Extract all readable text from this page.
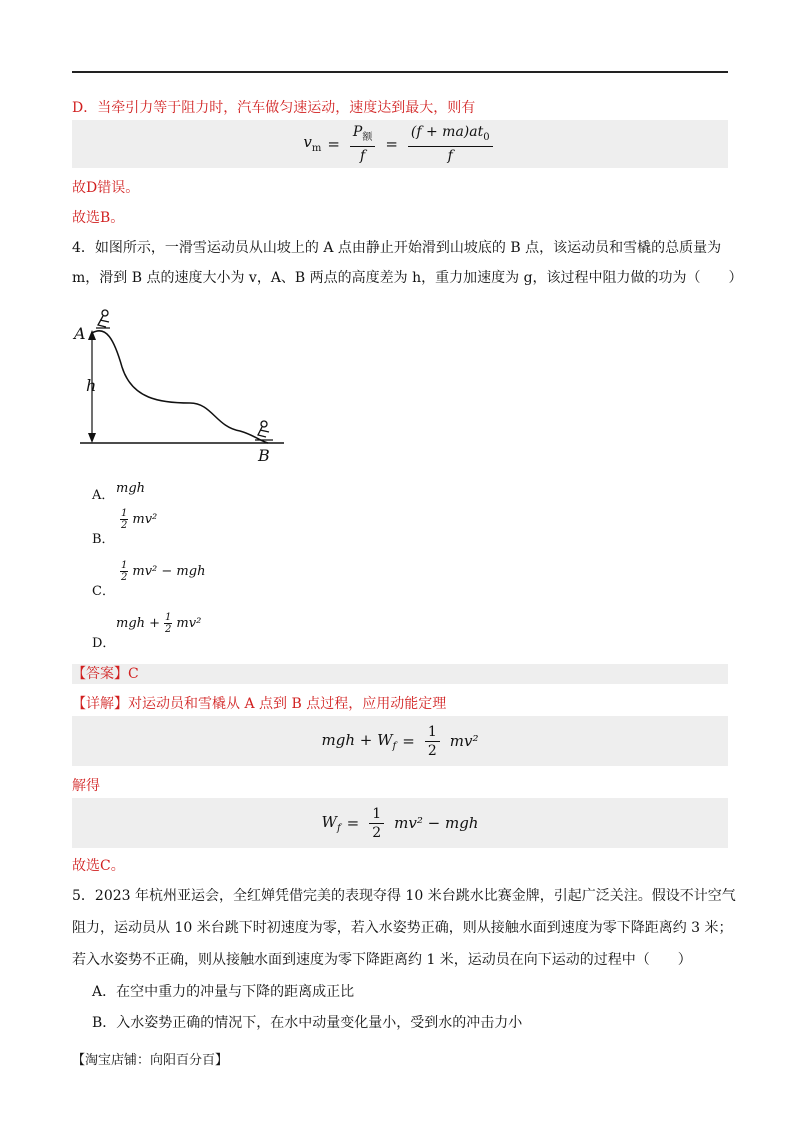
D．当牵引力等于阻力时，汽车做匀速运动，速度达到最大，则有
$v_m = \frac{P_额}{f} = \frac{(f + ma)at_0}{f}$
故D错误。
故选B。
4．如图所示，一滑雪运动员从山坡上的 A 点由静止开始滑到山坡底的 B 点，该运动员和雪橇的总质量为
m，滑到 B 点的速度大小为 v，A、B 两点的高度差为 h，重力加速度为 g，该过程中阻力做的功为（　　）
A
h
B
A． mgh
B．
$\frac{1}{2} mv^2$
C．
$\frac{1}{2} mv^2$ − mgh
D．
mgh + $\frac{1}{2} mv^2$
【答案】C
【详解】对运动员和雪橇从 A 点到 B 点过程，应用动能定理
mgh + $W_f = \frac{1}{2} mv^2$
解得
$W_f = \frac{1}{2} mv^2$ − mgh
故选C。
5．2023 年杭州亚运会，全红婵凭借完美的表现夺得 10 米台跳水比赛金牌，引起广泛关注。假设不计空气
阻力，运动员从 10 米台跳下时初速度为零，若入水姿势正确，则从接触水面到速度为零下降距离约 3 米；
若入水姿势不正确，则从接触水面到速度为零下降距离约 1 米，运动员在向下运动的过程中（　　）
A．在空中重力的冲量与下降的距离成正比
B．入水姿势正确的情况下，在水中动量变化量小，受到水的冲击力小
【淘宝店铺：向阳百分百】
